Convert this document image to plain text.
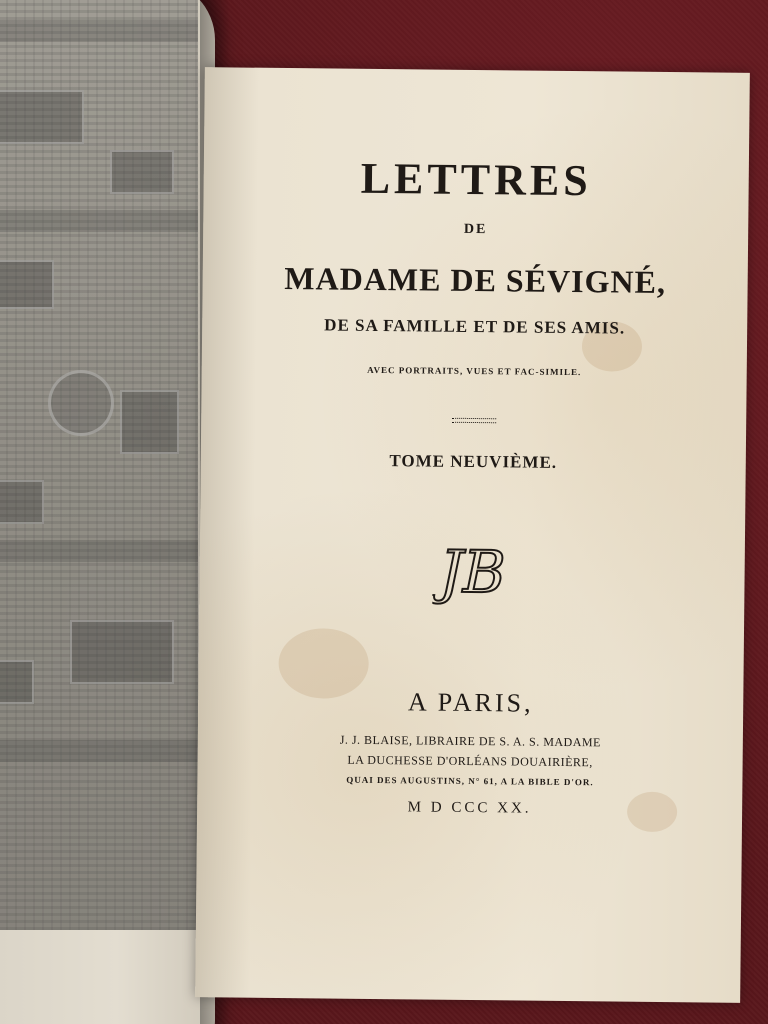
LETTRES

DE

MADAME DE SÉVIGNÉ,

DE SA FAMILLE ET DE SES AMIS.

AVEC PORTRAITS, VUES ET FAC-SIMILE.

TOME NEUVIÈME.

JB

A PARIS,

J. J. BLAISE, LIBRAIRE DE S. A. S. MADAME

LA DUCHESSE D'ORLÉANS DOUAIRIÈRE,

QUAI DES AUGUSTINS, N° 61, A LA BIBLE D'OR.

M D CCC XX.
